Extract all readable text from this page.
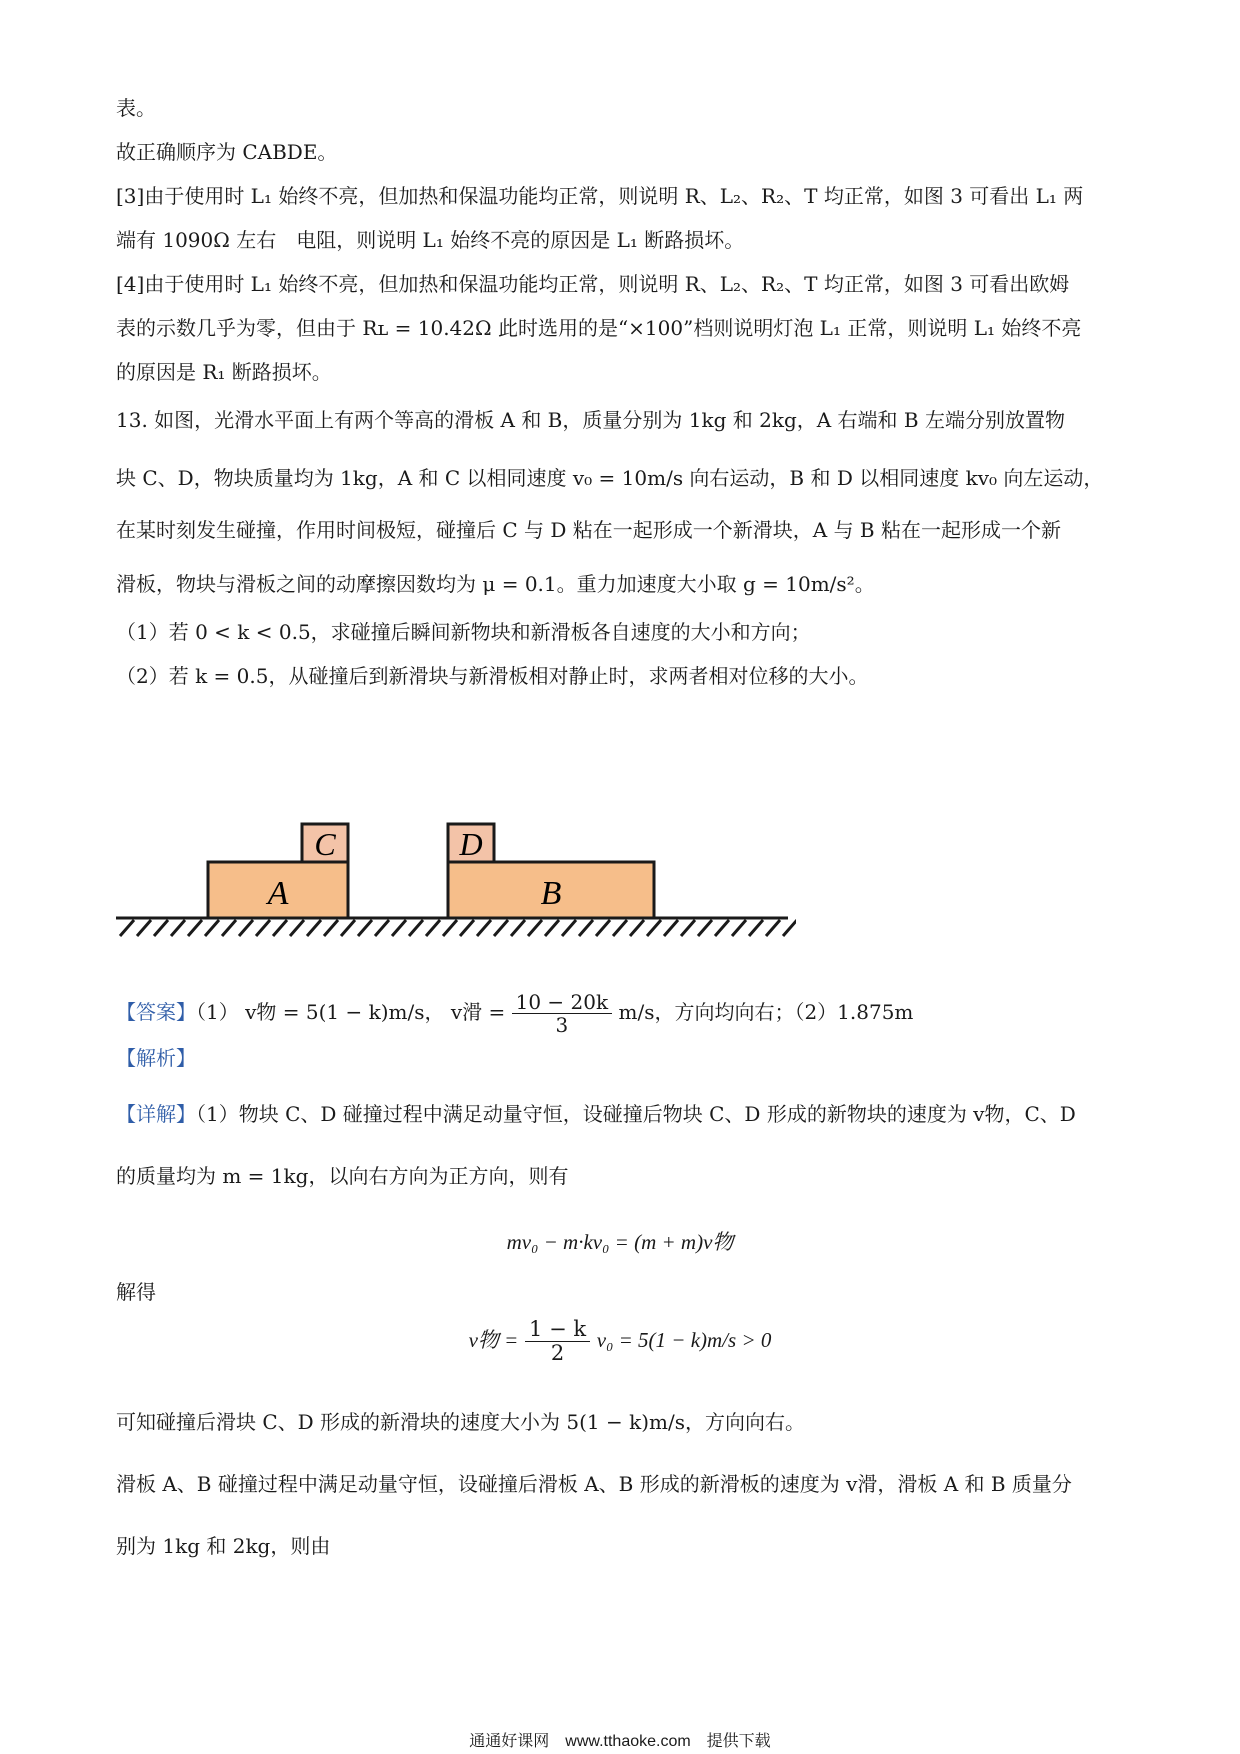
表。
故正确顺序为 CABDE。
[3]由于使用时 L₁ 始终不亮，但加热和保温功能均正常，则说明 R、L₂、R₂、T 均正常，如图 3 可看出 L₁ 两
端有 1090Ω 左右　电阻，则说明 L₁ 始终不亮的原因是 L₁ 断路损坏。
[4]由于使用时 L₁ 始终不亮，但加热和保温功能均正常，则说明 R、L₂、R₂、T 均正常，如图 3 可看出欧姆
表的示数几乎为零，但由于 Rʟ = 10.42Ω 此时选用的是“×100”档则说明灯泡 L₁ 正常，则说明 L₁ 始终不亮
的原因是 R₁ 断路损坏。
13. 如图，光滑水平面上有两个等高的滑板 A 和 B，质量分别为 1kg 和 2kg，A 右端和 B 左端分别放置物
块 C、D，物块质量均为 1kg，A 和 C 以相同速度 v₀ = 10m/s 向右运动，B 和 D 以相同速度 kv₀ 向左运动，
在某时刻发生碰撞，作用时间极短，碰撞后 C 与 D 粘在一起形成一个新滑块，A 与 B 粘在一起形成一个新
滑板，物块与滑板之间的动摩擦因数均为 μ = 0.1。重力加速度大小取 g = 10m/s²。
（1）若 0 < k < 0.5，求碰撞后瞬间新物块和新滑板各自速度的大小和方向；
（2）若 k = 0.5，从碰撞后到新滑块与新滑板相对静止时，求两者相对位移的大小。
A	B
C	D
【答案】（1） v物 = 5(1 − k)m/s， v滑 = $\frac{10 - 20k}{3} m/s$，方向均向右；（2）1.875m
【解析】
【详解】（1）物块 C、D 碰撞过程中满足动量守恒，设碰撞后物块 C、D 形成的新物块的速度为 v物，C、D
的质量均为 m = 1kg，以向右方向为正方向，则有
mv₀ − m·kv₀ = (m + m)v物
解得
v物 = $\frac{1 - k}{2} v_0 = 5(1 - k)m/s > 0$
可知碰撞后滑块 C、D 形成的新滑块的速度大小为 5(1 − k)m/s，方向向右。
滑板 A、B 碰撞过程中满足动量守恒，设碰撞后滑板 A、B 形成的新滑板的速度为 v滑，滑板 A 和 B 质量分
别为 1kg 和 2kg，则由
通通好课网　www.tthaoke.com　提供下载
